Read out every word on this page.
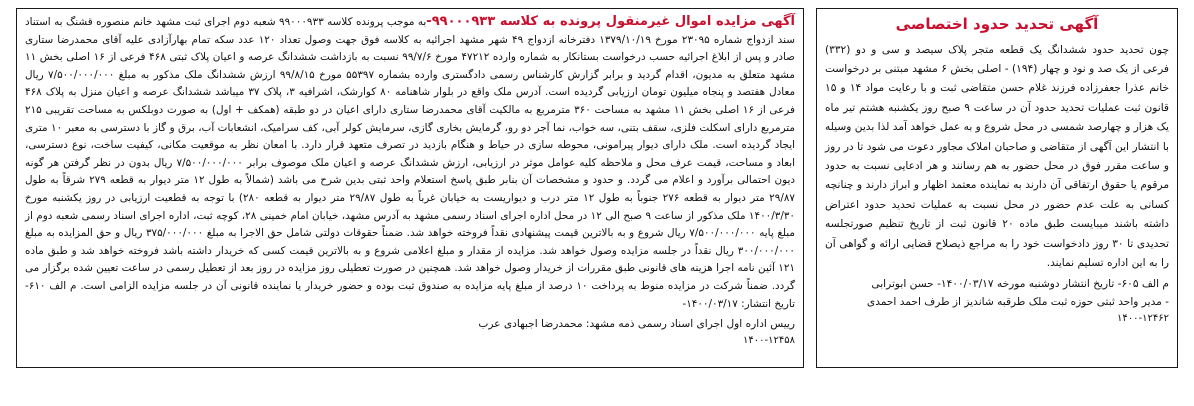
آگهی تحدید حدود اختصاصی

چون تحدید حدود ششدانگ یک قطعه متجر پلاک سیصد و سی و دو (۳۳۲) فرعی از یک صد و نود و چهار (۱۹۴) - اصلی بخش ۶ مشهد مبتنی بر درخواست خانم عذرا جعفرزاده فرزند غلام حسن متقاضی ثبت و با رعایت مواد ۱۴ و ۱۵ قانون ثبت عملیات تحدید حدود آن در ساعت ۹ صبح روز یکشنبه هشتم تیر ماه یک هزار و چهارصد شمسی در محل شروع و به عمل خواهد آمد لذا بدین وسیله با انتشار این آگهی از متقاضی و صاحبان املاک مجاور دعوت می شود تا در روز و ساعت مقرر فوق در محل حضور به هم رسانند و هر ادعایی نسبت به حدود مرقوم یا حقوق ارتفاقی آن دارند به نماینده معتمد اظهار و ابراز دارند و چنانچه کسانی به علت عدم حضور در محل نسبت به عملیات تحدید حدود اعتراض داشته باشند میبایست طبق ماده ۲۰ قانون ثبت از تاریخ تنظیم صورتجلسه تحدیدی تا ۳۰ روز دادخواست خود را به مراجع ذیصلاح قضایی ارائه و گواهی آن را به این اداره تسلیم نمایند.

م الف ۶۰۵- تاریخ انتشار دوشنبه مورخه ۱۴۰۰/۰۳/۱۷- حسن ابوترابی
- مدیر واحد ثبتی حوزه ثبت ملک طرقبه شاندیز از طرف احمد احمدی

۱۴۰۰-۱۲۴۶۲

آگهی مزایده اموال غیرمنقول پرونده به کلاسه ۹۹۰۰۰۹۳۳-به موجب پرونده کلاسه ۹۹۰۰۰۹۳۳ شعبه دوم اجرای ثبت مشهد خانم منصوره قشنگ به استناد سند ازدواج شماره ۲۳۰۹۵ مورخ ۱۳۷۹/۱۰/۱۹ دفترخانه ازدواج ۴۹ شهر مشهد اجرائیه به کلاسه فوق جهت وصول تعداد ۱۲۰ عدد سکه تمام بهارآزادی علیه آقای محمدرضا ستاری صادر و پس از ابلاغ اجرائیه حسب درخواست بستانکار به شماره وارده ۴۷۲۱۲ مورخ ۹۹/۷/۶ نسبت به بازداشت ششدانگ عرصه و اعیان پلاک ثبتی ۴۶۸ فرعی از ۱۶ اصلی بخش ۱۱ مشهد متعلق به مدیون، اقدام گردید و برابر گزارش کارشناس رسمی دادگستری وارده بشماره ۵۵۳۹۷ مورخ ۹۹/۸/۱۵ ارزش ششدانگ ملک مذکور به مبلغ ۷/۵۰۰/۰۰۰/۰۰۰ ریال معادل هفتصد و پنجاه میلیون تومان ارزیابی گردیده است. آدرس ملک واقع در بلوار شاهنامه ۸۰ کوارشک، اشرافیه ۳، پلاک ۳۷ میباشد ششدانگ عرصه و اعیان منزل به پلاک ۴۶۸ فرعی از ۱۶ اصلی بخش ۱۱ مشهد به مساحت ۳۶۰ مترمربع به مالکیت آقای محمدرضا ستاری دارای اعیان در دو طبقه (همکف + اول) به صورت دوبلکس به مساحت تقریبی ۲۱۵ مترمربع دارای اسکلت فلزی، سقف بتنی، سه خواب، نما آجر دو رو، گرمایش بخاری گازی، سرمایش کولر آبی، کف سرامیک، انشعابات آب، برق و گاز با دسترسی به معبر ۱۰ متری ایجاد گردیده است. ملک دارای دیوار پیرامونی، محوطه سازی در حیاط و هنگام بازدید در تصرف متعهد قرار دارد. با امعان نظر به موقعیت مکانی، کیفیت ساخت، نوع دسترسی، ابعاد و مساحت، قیمت عرف محل و ملاحظه کلیه عوامل موثر در ارزیابی، ارزش ششدانگ عرصه و اعیان ملک موصوف برابر ۷/۵۰۰/۰۰۰/۰۰۰ ریال بدون در نظر گرفتن هر گونه دیون احتمالی برآورد و اعلام می گردد. و حدود و مشخصات آن بنابر طبق پاسخ استعلام واحد ثبتی بدین شرح می باشد (شمالاً به طول ۱۲ متر دیوار به قطعه ۲۷۹ شرقاً به طول ۲۹/۸۷ متر دیوار به قطعه ۲۷۶ جنوباً به طول ۱۲ متر درب و دیواریست به خیابان غرباً به طول ۲۹/۸۷ متر دیوار به قطعه ۲۸۰) با توجه به قطعیت ارزیابی در روز یکشنبه مورخ ۱۴۰۰/۳/۳۰ ملک مذکور از ساعت ۹ صبح الی ۱۲ در محل اداره اجرای اسناد رسمی مشهد به آدرس مشهد، خیابان امام خمینی ۲۸، کوچه ثبت، اداره اجرای اسناد رسمی شعبه دوم از مبلغ پایه ۷/۵۰۰/۰۰۰/۰۰۰ ریال شروع و به بالاترین قیمت پیشنهادی نقداً فروخته خواهد شد. ضمناً حقوقات دولتی شامل حق الاجرا به مبلغ ۳۷۵/۰۰۰/۰۰۰ ریال و حق المزایده به مبلغ ۳۰۰/۰۰۰/۰۰۰ ریال نقداً در جلسه مزایده وصول خواهد شد. مزایده از مقدار و مبلغ اعلامی شروع و به بالاترین قیمت کسی که خریدار داشته باشد فروخته خواهد شد و طبق ماده ۱۲۱ آئین نامه اجرا هزینه های قانونی طبق مقررات از خریدار وصول خواهد شد. همچنین در صورت تعطیلی روز مزایده در روز بعد از تعطیل رسمی در ساعت تعیین شده برگزار می گردد. ضمناً شرکت در مزایده منوط به پرداخت ۱۰ درصد از مبلغ پایه مزایده به صندوق ثبت بوده و حضور خریدار یا نماینده قانونی آن در جلسه مزایده الزامی است. م الف ۶۱۰- تاریخ انتشار: ۱۴۰۰/۰۳/۱۷-

رییس اداره اول اجرای اسناد رسمی ذمه مشهد: محمدرضا اجبهادی عرب

۱۴۰۰-۱۲۴۵۸
